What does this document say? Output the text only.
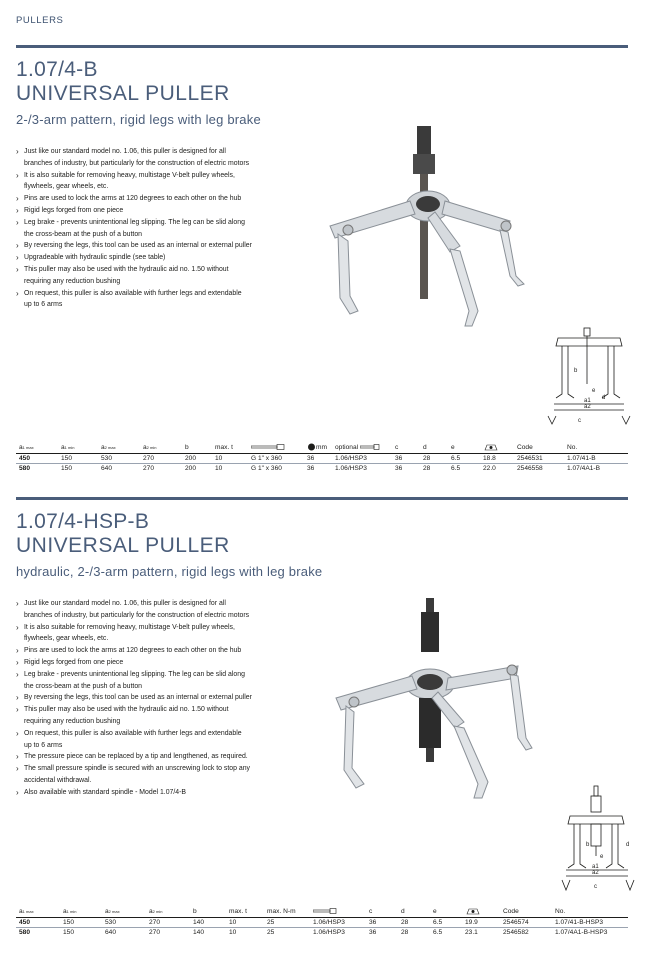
PULLERS
1.07/4-B
UNIVERSAL PULLER
2-/3-arm pattern, rigid legs with leg brake
› Just like our standard model no. 1.06, this puller is designed for all
branches of industry, but particularly for the construction of electric motors
› It is also suitable for removing heavy, multistage V-belt pulley wheels,
flywheels, gear wheels, etc.
› Pins are used to lock the arms at 120 degrees to each other on the hub
› Rigid legs forged from one piece
› Leg brake - prevents unintentional leg slipping. The leg can be slid along
the cross-beam at the push of a button
› By reversing the legs, this tool can be used as an internal or external puller
› Upgradeable with hydraulic spindle (see table)
› This puller may also be used with the hydraulic aid no. 1.50 without
requiring any reduction bushing
› On request, this puller is also available with further legs and extendable
up to 6 arms
b
e
d
a1
a2
c
a1 max	a1 min	a2 max	a2 min	b	max. t		mm	optional	c	d	e		Code	No.
450	150	530	270	200	10	G 1" x 360	36	1.06/HSP3	36	28	6.5	18.8	2546531	1.07/41-B
580	150	640	270	200	10	G 1" x 360	36	1.06/HSP3	36	28	6.5	22.0	2546558	1.07/4A1-B
1.07/4-HSP-B
UNIVERSAL PULLER
hydraulic, 2-/3-arm pattern, rigid legs with leg brake
› Just like our standard model no. 1.06, this puller is designed for all
branches of industry, but particularly for the construction of electric motors
› It is also suitable for removing heavy, multistage V-belt pulley wheels,
flywheels, gear wheels, etc.
› Pins are used to lock the arms at 120 degrees to each other on the hub
› Rigid legs forged from one piece
› Leg brake - prevents unintentional leg slipping. The leg can be slid along
the cross-beam at the push of a button
› By reversing the legs, this tool can be used as an internal or external puller
› This puller may also be used with the hydraulic aid no. 1.50 without
requiring any reduction bushing
› On request, this puller is also available with further legs and extendable
up to 6 arms
› The pressure piece can be replaced by a tip and lengthened, as required.
› The small pressure spindle is secured with an unscrewing lock to stop any
accidental withdrawal.
› Also available with standard spindle - Model 1.07/4-B
b
e
d
a1
a2
c
a1 max	a1 min	a2 max	a2 min	b	max. t	max. N-m		c	d	e		Code	No.
450	150	530	270	140	10	25	1.06/HSP3	36	28	6.5	19.9	2546574	1.07/41-B-HSP3
580	150	640	270	140	10	25	1.06/HSP3	36	28	6.5	23.1	2546582	1.07/4A1-B-HSP3
